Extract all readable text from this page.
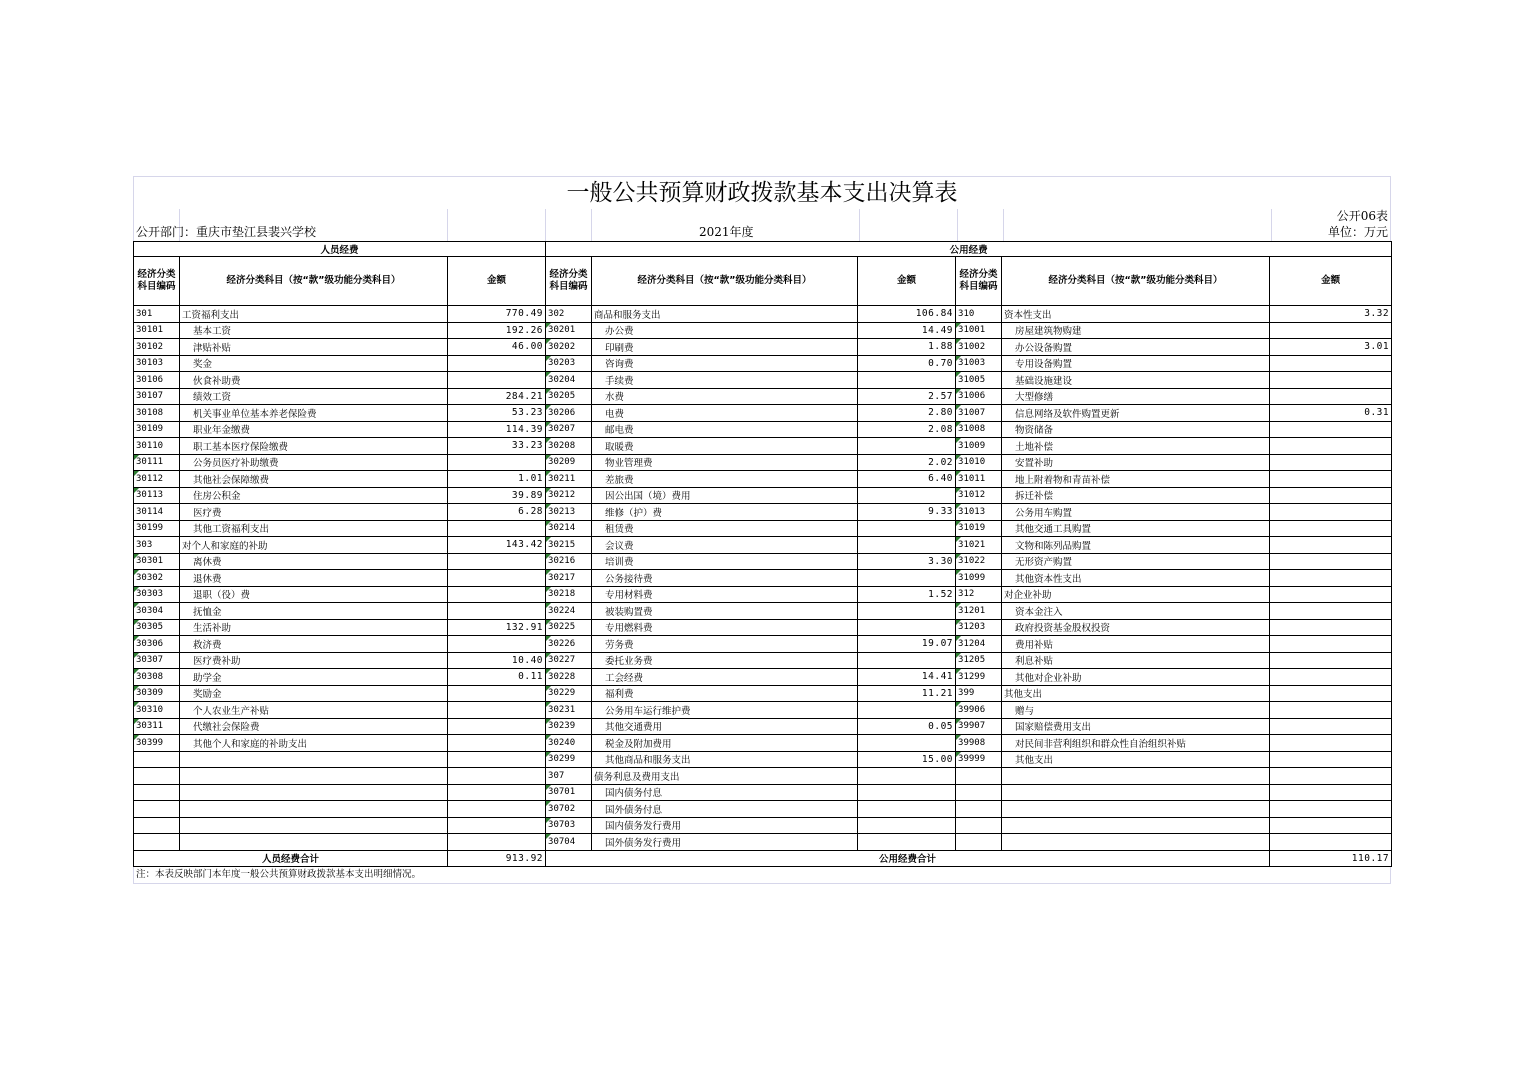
一般公共预算财政拨款基本支出决算表
公开06表
公开部门：重庆市垫江县裴兴学校	2021年度	单位：万元
人员经费			公用经费					
经济分类科目编码	经济分类科目（按“款”级功能分类科目）	金额	经济分类科目编码	经济分类科目（按“款”级功能分类科目）	金额	经济分类科目编码	经济分类科目（按“款”级功能分类科目）	金额
301	工资福利支出	770.49	302	商品和服务支出	106.84	310	资本性支出	3.32
30101	基本工资	192.26	30201	办公费	14.49	31001	房屋建筑物购建	
30102	津贴补贴	46.00	30202	印刷费	1.88	31002	办公设备购置	3.01
30103	奖金		30203	咨询费	0.70	31003	专用设备购置	
30106	伙食补助费		30204	手续费		31005	基础设施建设	
30107	绩效工资	284.21	30205	水费	2.57	31006	大型修缮	
30108	机关事业单位基本养老保险费	53.23	30206	电费	2.80	31007	信息网络及软件购置更新	0.31
30109	职业年金缴费	114.39	30207	邮电费	2.08	31008	物资储备	
30110	职工基本医疗保险缴费	33.23	30208	取暖费		31009	土地补偿	
30111	公务员医疗补助缴费		30209	物业管理费	2.02	31010	安置补助	
30112	其他社会保障缴费	1.01	30211	差旅费	6.40	31011	地上附着物和青苗补偿	
30113	住房公积金	39.89	30212	因公出国（境）费用		31012	拆迁补偿	
30114	医疗费	6.28	30213	维修（护）费	9.33	31013	公务用车购置	
30199	其他工资福利支出		30214	租赁费		31019	其他交通工具购置	
303	对个人和家庭的补助	143.42	30215	会议费		31021	文物和陈列品购置	
30301	离休费		30216	培训费	3.30	31022	无形资产购置	
30302	退休费		30217	公务接待费		31099	其他资本性支出	
30303	退职（役）费		30218	专用材料费	1.52	312	对企业补助	
30304	抚恤金		30224	被装购置费		31201	资本金注入	
30305	生活补助	132.91	30225	专用燃料费		31203	政府投资基金股权投资	
30306	救济费		30226	劳务费	19.07	31204	费用补贴	
30307	医疗费补助	10.40	30227	委托业务费		31205	利息补贴	
30308	助学金	0.11	30228	工会经费	14.41	31299	其他对企业补助	
30309	奖励金		30229	福利费	11.21	399	其他支出	
30310	个人农业生产补贴		30231	公务用车运行维护费		39906	赠与	
30311	代缴社会保险费		30239	其他交通费用	0.05	39907	国家赔偿费用支出	
30399	其他个人和家庭的补助支出		30240	税金及附加费用		39908	对民间非营利组织和群众性自治组织补贴	
			30299	其他商品和服务支出	15.00	39999	其他支出	
			307	债务利息及费用支出				
			30701	国内债务付息				
			30702	国外债务付息				
			30703	国内债务发行费用				
			30704	国外债务发行费用				
人员经费合计		913.92	公用经费合计					110.17
注：本表反映部门本年度一般公共预算财政拨款基本支出明细情况。
